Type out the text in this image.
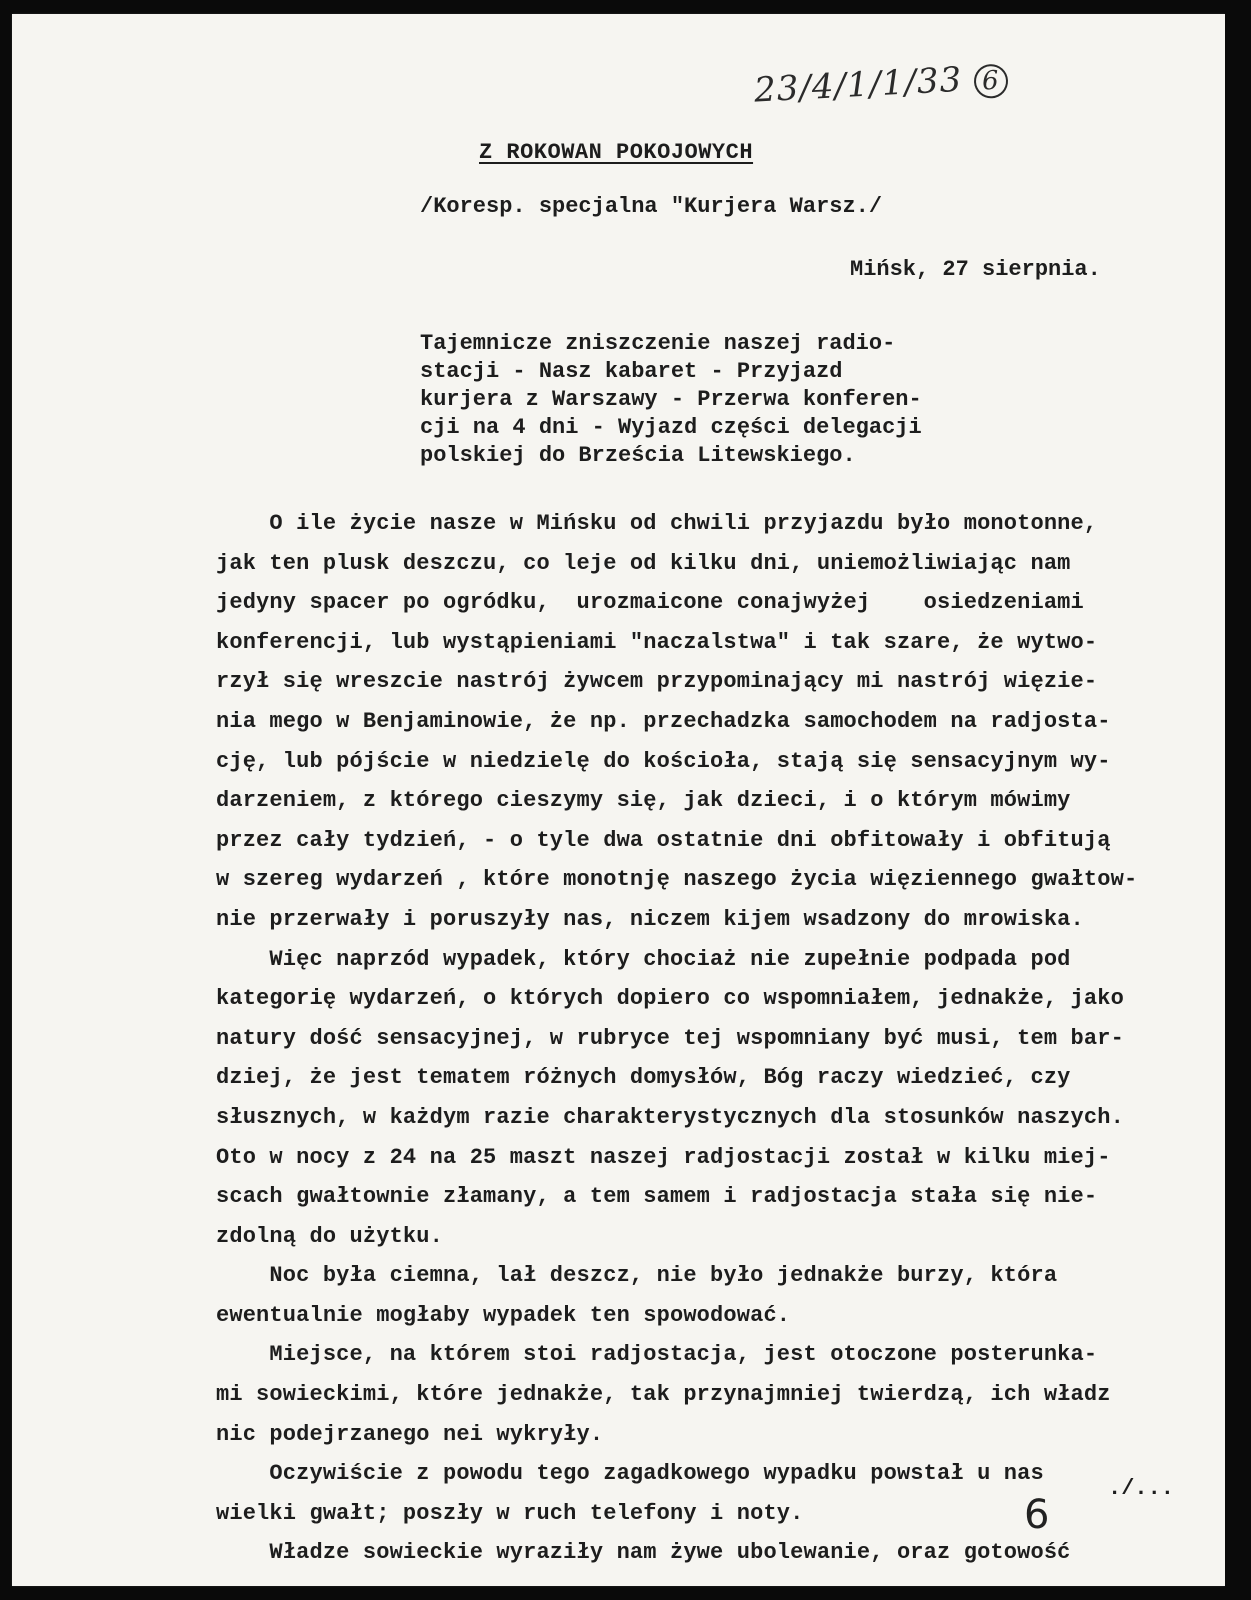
23/4/1/1/33 6
Z ROKOWAN POKOJOWYCH
/Koresp. specjalna "Kurjera Warsz./
Mińsk, 27 sierpnia.
Tajemnicze zniszczenie naszej radio-
stacji - Nasz kabaret - Przyjazd
kurjera z Warszawy - Przerwa konferen-
cji na 4 dni - Wyjazd części delegacji
polskiej do Brześcia Litewskiego.
O ile życie nasze w Mińsku od chwili przyjazdu było monotonne,
jak ten plusk deszczu, co leje od kilku dni, uniemożliwiając nam
jedyny spacer po ogródku,  urozmaicone conajwyżej    osiedzeniami
konferencji, lub wystąpieniami "naczalstwa" i tak szare, że wytwo-
rzył się wreszcie nastrój żywcem przypominający mi nastrój więzie-
nia mego w Benjaminowie, że np. przechadzka samochodem na radjosta-
cję, lub pójście w niedzielę do kościoła, stają się sensacyjnym wy-
darzeniem, z którego cieszymy się, jak dzieci, i o którym mówimy
przez cały tydzień, - o tyle dwa ostatnie dni obfitowały i obfitują
w szereg wydarzeń , które monotnję naszego życia więziennego gwałtow-
nie przerwały i poruszyły nas, niczem kijem wsadzony do mrowiska.
Więc naprzód wypadek, który chociaż nie zupełnie podpada pod
kategorię wydarzeń, o których dopiero co wspomniałem, jednakże, jako
natury dość sensacyjnej, w rubryce tej wspomniany być musi, tem bar-
dziej, że jest tematem różnych domysłów, Bóg raczy wiedzieć, czy
słusznych, w każdym razie charakterystycznych dla stosunków naszych.
Oto w nocy z 24 na 25 maszt naszej radjostacji został w kilku miej-
scach gwałtownie złamany, a tem samem i radjostacja stała się nie-
zdolną do użytku.
Noc była ciemna, lał deszcz, nie było jednakże burzy, która
ewentualnie mogłaby wypadek ten spowodować.
Miejsce, na którem stoi radjostacja, jest otoczone posterunka-
mi sowieckimi, które jednakże, tak przynajmniej twierdzą, ich władz
nic podejrzanego nei wykryły.
Oczywiście z powodu tego zagadkowego wypadku powstał u nas
wielki gwałt; poszły w ruch telefony i noty.
Władze sowieckie wyraziły nam żywe ubolewanie, oraz gotowość
./...
6
